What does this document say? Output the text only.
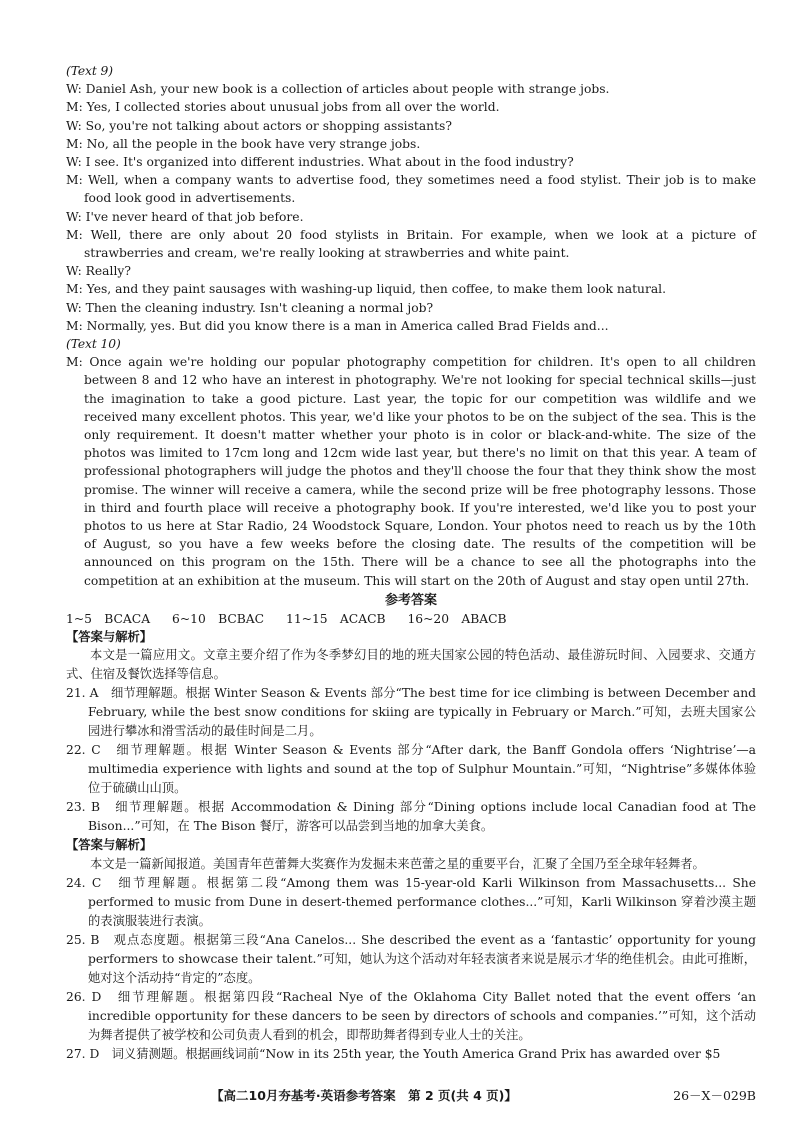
(Text 9)
W: Daniel Ash, your new book is a collection of articles about people with strange jobs.
M: Yes, I collected stories about unusual jobs from all over the world.
W: So, you're not talking about actors or shopping assistants?
M: No, all the people in the book have very strange jobs.
W: I see. It's organized into different industries. What about in the food industry?
M: Well, when a company wants to advertise food, they sometimes need a food stylist. Their job is to make food look good in advertisements.
W: I've never heard of that job before.
M: Well, there are only about 20 food stylists in Britain. For example, when we look at a picture of strawberries and cream, we're really looking at strawberries and white paint.
W: Really?
M: Yes, and they paint sausages with washing-up liquid, then coffee, to make them look natural.
W: Then the cleaning industry. Isn't cleaning a normal job?
M: Normally, yes. But did you know there is a man in America called Brad Fields and...
(Text 10)
M: Once again we're holding our popular photography competition for children. It's open to all children between 8 and 12 who have an interest in photography. We're not looking for special technical skills—just the imagination to take a good picture. Last year, the topic for our competition was wildlife and we received many excellent photos. This year, we'd like your photos to be on the subject of the sea. This is the only requirement. It doesn't matter whether your photo is in color or black-and-white. The size of the photos was limited to 17cm long and 12cm wide last year, but there's no limit on that this year. A team of professional photographers will judge the photos and they'll choose the four that they think show the most promise. The winner will receive a camera, while the second prize will be free photography lessons. Those in third and fourth place will receive a photography book. If you're interested, we'd like you to post your photos to us here at Star Radio, 24 Woodstock Square, London. Your photos need to reach us by the 10th of August, so you have a few weeks before the closing date. The results of the competition will be announced on this program on the 15th. There will be a chance to see all the photographs into the competition at an exhibition at the museum. This will start on the 20th of August and stay open until 27th.
参考答案
1~5　BCACA 6~10　BCBAC 11~15　ACACB 16~20　ABACB
【答案与解析】
本文是一篇应用文。文章主要介绍了作为冬季梦幻目的地的班夫国家公园的特色活动、最佳游玩时间、入园要求、交通方式、住宿及餐饮选择等信息。
21. A　细节理解题。根据 Winter Season & Events 部分“The best time for ice climbing is between December and February, while the best snow conditions for skiing are typically in February or March.”可知，去班夫国家公园进行攀冰和滑雪活动的最佳时间是二月。
22. C　细节理解题。根据 Winter Season & Events 部分“After dark, the Banff Gondola offers ‘Nightrise’—a multimedia experience with lights and sound at the top of Sulphur Mountain.”可知，“Nightrise”多媒体体验位于硫磺山山顶。
23. B　细节理解题。根据 Accommodation & Dining 部分“Dining options include local Canadian food at The Bison...”可知，在 The Bison 餐厅，游客可以品尝到当地的加拿大美食。
【答案与解析】
本文是一篇新闻报道。美国青年芭蕾舞大奖赛作为发掘未来芭蕾之星的重要平台，汇聚了全国乃至全球年轻舞者。
24. C　细节理解题。根据第二段“Among them was 15-year-old Karli Wilkinson from Massachusetts... She performed to music from Dune in desert-themed performance clothes...”可知，Karli Wilkinson 穿着沙漠主题的表演服装进行表演。
25. B　观点态度题。根据第三段“Ana Canelos... She described the event as a ‘fantastic’ opportunity for young performers to showcase their talent.”可知，她认为这个活动对年轻表演者来说是展示才华的绝佳机会。由此可推断，她对这个活动持“肯定的”态度。
26. D　细节理解题。根据第四段“Racheal Nye of the Oklahoma City Ballet noted that the event offers ‘an incredible opportunity for these dancers to be seen by directors of schools and companies.’”可知，这个活动为舞者提供了被学校和公司负责人看到的机会，即帮助舞者得到专业人士的关注。
27. D　词义猜测题。根据画线词前“Now in its 25th year, the Youth America Grand Prix has awarded over $5
【高二10月夯基考·英语参考答案　第 2 页(共 4 页)】	26－X－029B
